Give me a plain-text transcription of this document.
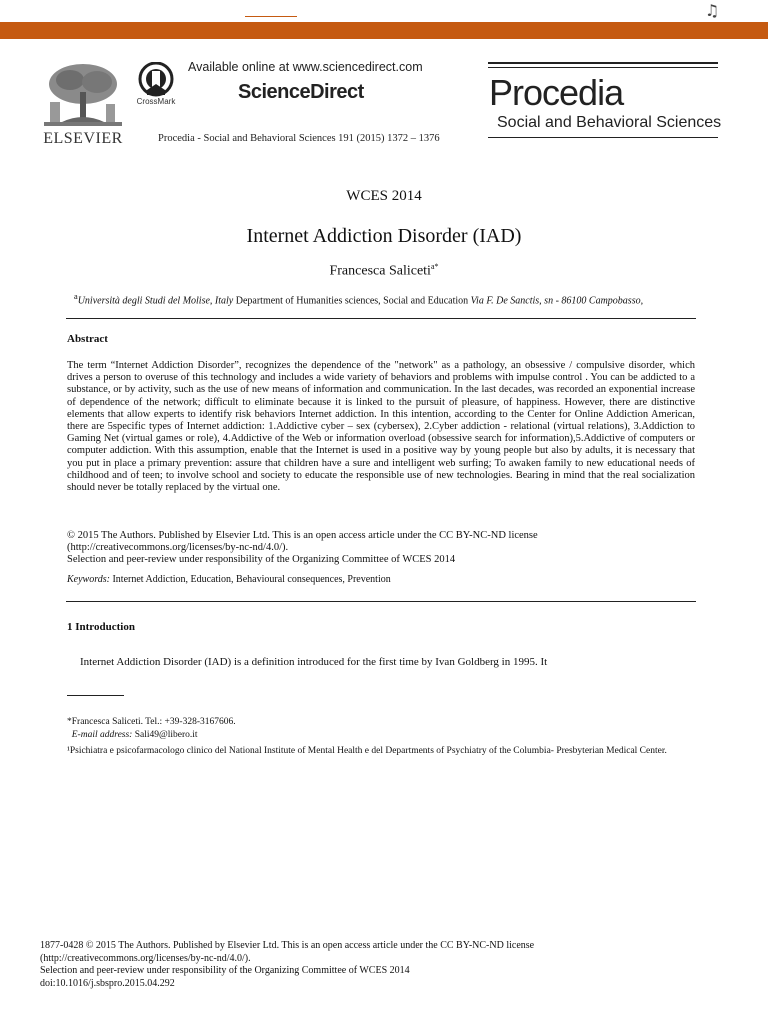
♫
ELSEVIER
CrossMark
Available online at www.sciencedirect.com
ScienceDirect
Procedia - Social and Behavioral Sciences 191 (2015) 1372 – 1376
Procedia
Social and Behavioral Sciences
WCES 2014
Internet Addiction Disorder (IAD)
Francesca Saliceti$^{a*}$
$^a$Università degli Studi del Molise, Italy Department of Humanities sciences, Social and Education Via F. De Sanctis, sn - 86100 Campobasso,
Abstract
The term “Internet Addiction Disorder”, recognizes the dependence of the "network" as a pathology, an obsessive / compulsive disorder, which drives a person to overuse of this technology and includes a wide variety of behaviors and problems with impulse control . You can be addicted to a substance, or by activity, such as the use of new means of information and communication. In the last decades, was recorded an exponential increase of dependence of the network; difficult to eliminate because it is linked to the pursuit of pleasure, of happiness. However, there are distinctive elements that allow experts to identify risk behaviors Internet addiction. In this intention, according to the Center for Online Addiction American, there are 5specific types of Internet addiction: 1.Addictive cyber – sex (cybersex), 2.Cyber addiction - relational (virtual relations), 3.Addiction to Gaming Net (virtual games or role), 4.Addictive of the Web or information overload (obsessive search for information),5.Addictive of computers or computer addiction. With this assumption, enable that the Internet is used in a positive way by young people but also by adults, it is necessary that you put in place a primary prevention: assure that children have a sure and intelligent web surfing; To awaken family to new educational needs of childhood and of teen; to involve school and society to educate the responsible use of new technologies. Bearing in mind that the real socialization should never be totally replaced by the virtual one.
© 2015 The Authors. Published by Elsevier Ltd. This is an open access article under the CC BY-NC-ND license
(http://creativecommons.org/licenses/by-nc-nd/4.0/).
Selection and peer-review under responsibility of the Organizing Committee of WCES 2014
Keywords: Internet Addiction, Education, Behavioural consequences, Prevention
1 Introduction
Internet Addiction Disorder (IAD) is a definition introduced for the first time by Ivan Goldberg in 1995. It

*Francesca Saliceti. Tel.: +39-328-3167606.

E-mail address: Sali49@libero.it

¹Psichiatra e psicofarmacologo clinico del National Institute of Mental Health e del Departments of Psychiatry of the Columbia- Presbyterian Medical Center.

1877-0428 © 2015 The Authors. Published by Elsevier Ltd. This is an open access article under the CC BY-NC-ND license

(http://creativecommons.org/licenses/by-nc-nd/4.0/).

Selection and peer-review under responsibility of the Organizing Committee of WCES 2014

doi:10.1016/j.sbspro.2015.04.292
